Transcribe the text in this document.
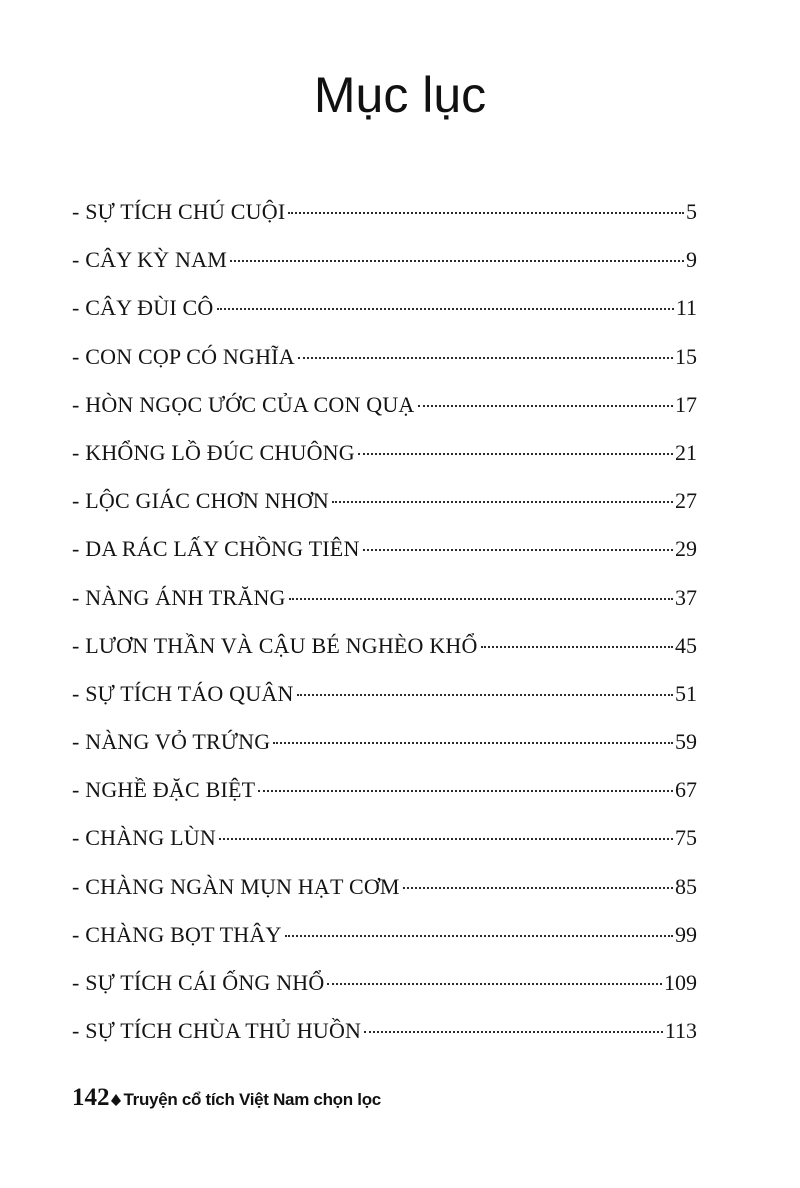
Mục lục
- SỰ TÍCH CHÚ CUỘI	5
- CÂY KỲ NAM	9
- CÂY ĐÙI CÔ	11
- CON CỌP CÓ NGHĨA	15
- HÒN NGỌC ƯỚC CỦA CON QUẠ	17
- KHỔNG LỒ ĐÚC CHUÔNG	21
- LỘC GIÁC CHƠN NHƠN	27
- DA RÁC LẤY CHỒNG TIÊN	29
- NÀNG ÁNH TRĂNG	37
- LƯƠN THẦN VÀ CẬU BÉ NGHÈO KHỔ	45
- SỰ TÍCH TÁO QUÂN	51
- NÀNG VỎ TRỨNG	59
- NGHỀ ĐẶC BIỆT	67
- CHÀNG LÙN	75
- CHÀNG NGÀN MỤN HẠT CƠM	85
- CHÀNG BỌT THÂY	99
- SỰ TÍCH CÁI ỐNG NHỔ	109
- SỰ TÍCH CHÙA THỦ HUỒN	113
142 Truyện cổ tích Việt Nam chọn lọc
